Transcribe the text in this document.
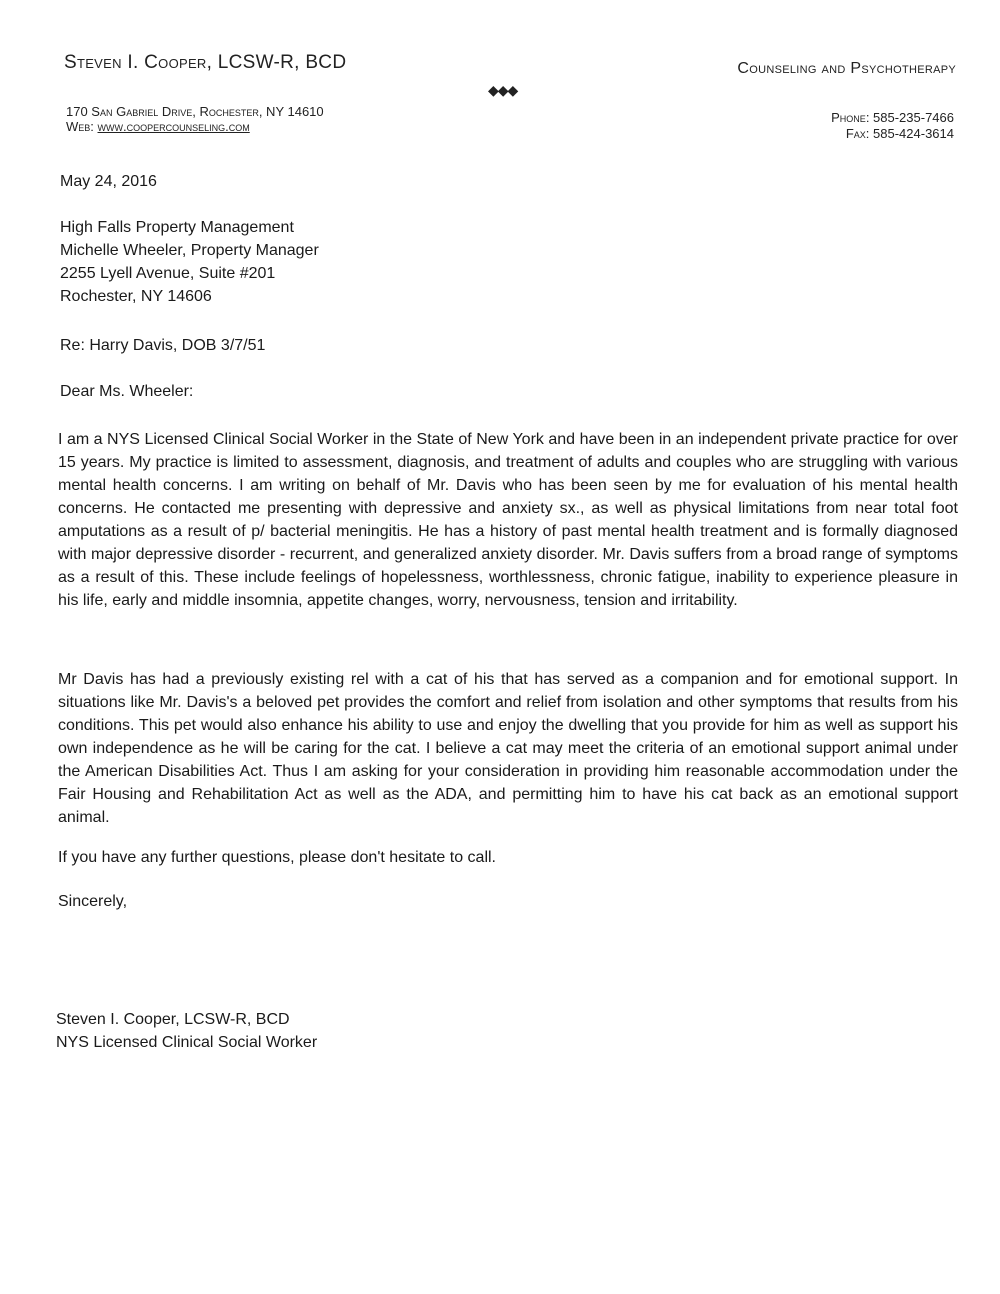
Steven I. Cooper, LCSW-R, BCD	Counseling and Psychotherapy
◆◆◆
170 San Gabriel Drive, Rochester, NY 14610
Web: www.coopercounseling.com
Phone: 585-235-7466
Fax: 585-424-3614
May 24, 2016
High Falls Property Management
Michelle Wheeler, Property Manager
2255 Lyell Avenue, Suite #201
Rochester, NY 14606
Re: Harry Davis, DOB 3/7/51
Dear Ms. Wheeler:
I am a NYS Licensed Clinical Social Worker in the State of New York and have been in an independent private practice for over 15 years. My practice is limited to assessment, diagnosis, and treatment of adults and couples who are struggling with various mental health concerns. I am writing on behalf of Mr. Davis who has been seen by me for evaluation of his mental health concerns. He contacted me presenting with depressive and anxiety sx., as well as physical limitations from near total foot amputations as a result of p/ bacterial meningitis. He has a history of past mental health treatment and is formally diagnosed with major depressive disorder - recurrent, and generalized anxiety disorder. Mr. Davis suffers from a broad range of symptoms as a result of this. These include feelings of hopelessness, worthlessness, chronic fatigue, inability to experience pleasure in his life, early and middle insomnia, appetite changes, worry, nervousness, tension and irritability.
Mr Davis has had a previously existing rel with a cat of his that has served as a companion and for emotional support. In situations like Mr. Davis's a beloved pet provides the comfort and relief from isolation and other symptoms that results from his conditions. This pet would also enhance his ability to use and enjoy the dwelling that you provide for him as well as support his own independence as he will be caring for the cat. I believe a cat may meet the criteria of an emotional support animal under the American Disabilities Act. Thus I am asking for your consideration in providing him reasonable accommodation under the Fair Housing and Rehabilitation Act as well as the ADA, and permitting him to have his cat back as an emotional support animal.
If you have any further questions, please don't hesitate to call.
Sincerely,
Steven I. Cooper, LCSW-R, BCD
NYS Licensed Clinical Social Worker
